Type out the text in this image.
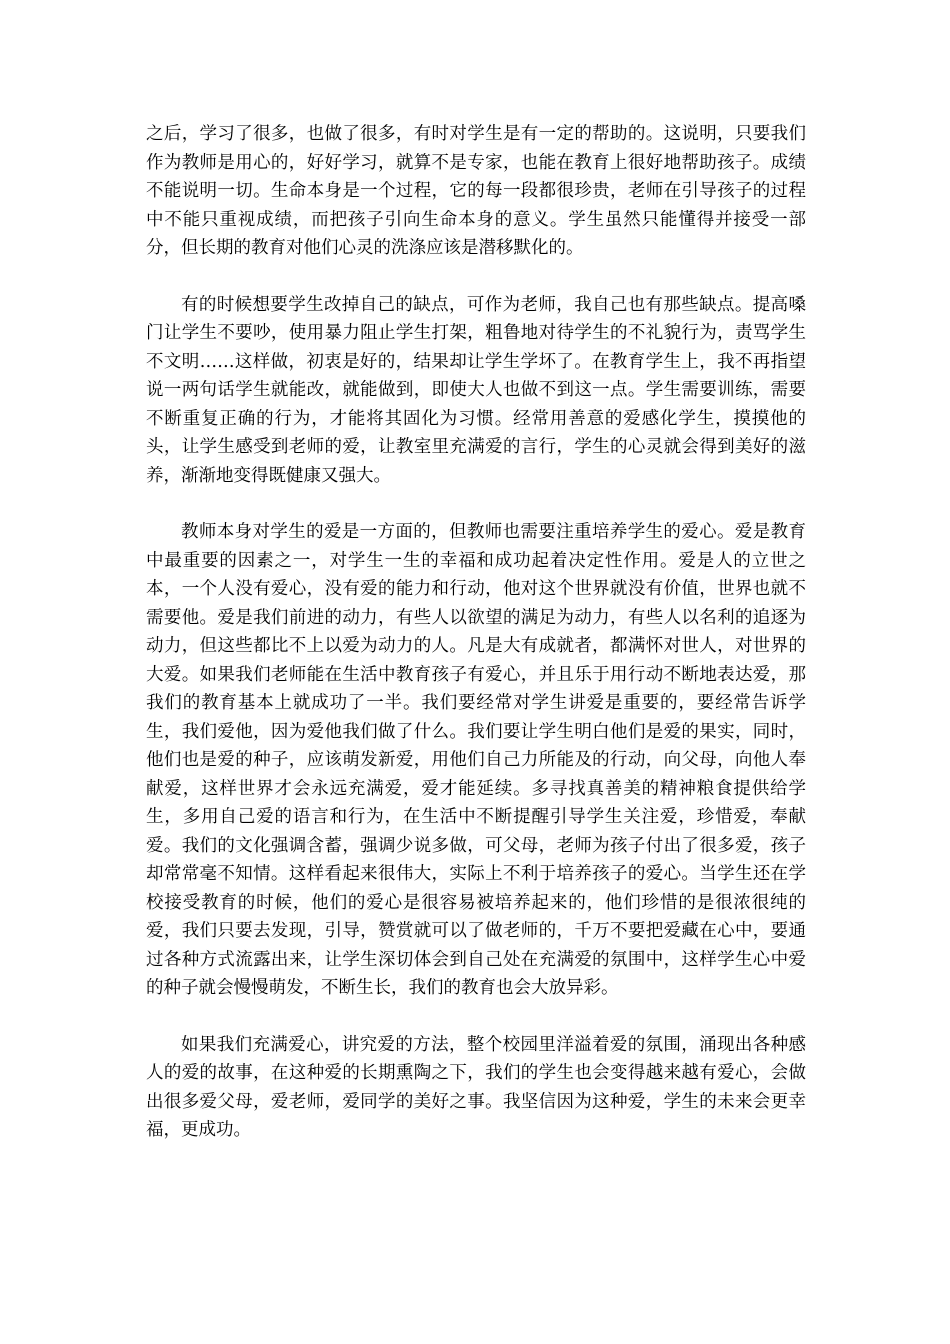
之后，学习了很多，也做了很多，有时对学生是有一定的帮助的。这说明，只要我们作为教师是用心的，好好学习，就算不是专家，也能在教育上很好地帮助孩子。成绩不能说明一切。生命本身是一个过程，它的每一段都很珍贵，老师在引导孩子的过程中不能只重视成绩，而把孩子引向生命本身的意义。学生虽然只能懂得并接受一部分，但长期的教育对他们心灵的洗涤应该是潜移默化的。

有的时候想要学生改掉自己的缺点，可作为老师，我自己也有那些缺点。提高嗓门让学生不要吵，使用暴力阻止学生打架，粗鲁地对待学生的不礼貌行为，责骂学生不文明……这样做，初衷是好的，结果却让学生学坏了。在教育学生上，我不再指望说一两句话学生就能改，就能做到，即使大人也做不到这一点。学生需要训练，需要不断重复正确的行为，才能将其固化为习惯。经常用善意的爱感化学生，摸摸他的头，让学生感受到老师的爱，让教室里充满爱的言行，学生的心灵就会得到美好的滋养，渐渐地变得既健康又强大。

教师本身对学生的爱是一方面的，但教师也需要注重培养学生的爱心。爱是教育中最重要的因素之一，对学生一生的幸福和成功起着决定性作用。爱是人的立世之本，一个人没有爱心，没有爱的能力和行动，他对这个世界就没有价值，世界也就不需要他。爱是我们前进的动力，有些人以欲望的满足为动力，有些人以名利的追逐为动力，但这些都比不上以爱为动力的人。凡是大有成就者，都满怀对世人，对世界的大爱。如果我们老师能在生活中教育孩子有爱心，并且乐于用行动不断地表达爱，那我们的教育基本上就成功了一半。我们要经常对学生讲爱是重要的，要经常告诉学生，我们爱他，因为爱他我们做了什么。我们要让学生明白他们是爱的果实，同时，他们也是爱的种子，应该萌发新爱，用他们自己力所能及的行动，向父母，向他人奉献爱，这样世界才会永远充满爱，爱才能延续。多寻找真善美的精神粮食提供给学生，多用自己爱的语言和行为，在生活中不断提醒引导学生关注爱，珍惜爱，奉献爱。我们的文化强调含蓄，强调少说多做，可父母，老师为孩子付出了很多爱，孩子却常常毫不知情。这样看起来很伟大，实际上不利于培养孩子的爱心。当学生还在学校接受教育的时候，他们的爱心是很容易被培养起来的，他们珍惜的是很浓很纯的爱，我们只要去发现，引导，赞赏就可以了做老师的，千万不要把爱藏在心中，要通过各种方式流露出来，让学生深切体会到自己处在充满爱的氛围中，这样学生心中爱的种子就会慢慢萌发，不断生长，我们的教育也会大放异彩。

如果我们充满爱心，讲究爱的方法，整个校园里洋溢着爱的氛围，涌现出各种感人的爱的故事，在这种爱的长期熏陶之下，我们的学生也会变得越来越有爱心，会做出很多爱父母，爱老师，爱同学的美好之事。我坚信因为这种爱，学生的未来会更幸福，更成功。
